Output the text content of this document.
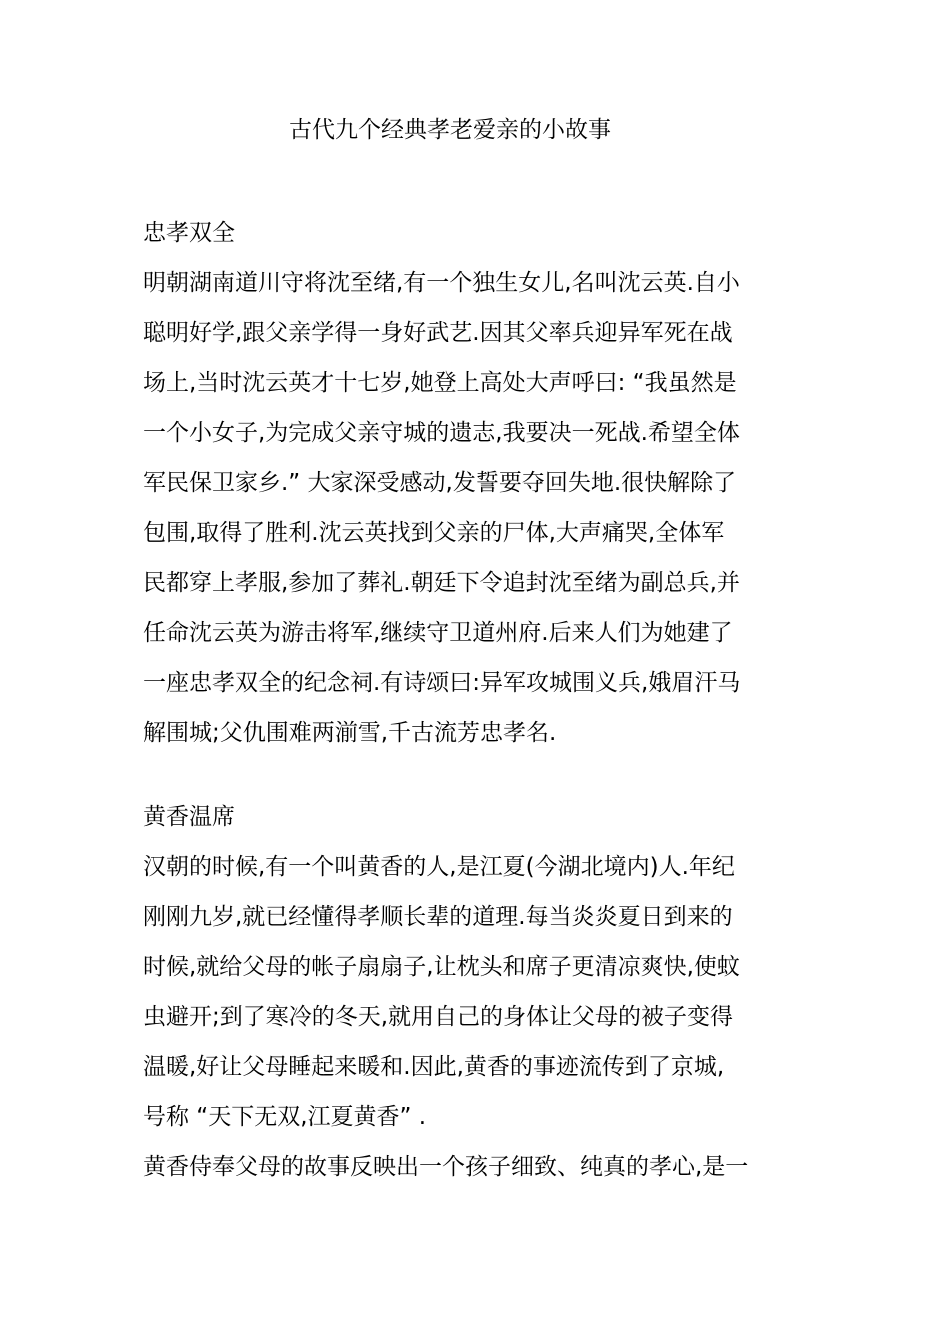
古代九个经典孝老爱亲的小故事
忠孝双全
明朝湖南道川守将沈至绪,有一个独生女儿,名叫沈云英.自小
聪明好学,跟父亲学得一身好武艺.因其父率兵迎异军死在战
场上,当时沈云英才十七岁,她登上高处大声呼曰: “我虽然是
一个小女子,为完成父亲守城的遗志,我要决一死战.希望全体
军民保卫家乡.” 大家深受感动,发誓要夺回失地.很快解除了
包围,取得了胜利.沈云英找到父亲的尸体,大声痛哭,全体军
民都穿上孝服,参加了葬礼.朝廷下令追封沈至绪为副总兵,并
任命沈云英为游击将军,继续守卫道州府.后来人们为她建了
一座忠孝双全的纪念祠.有诗颂曰:异军攻城围义兵,娥眉汗马
解围城;父仇围难两湔雪,千古流芳忠孝名.
黄香温席
汉朝的时候,有一个叫黄香的人,是江夏(今湖北境内)人.年纪
刚刚九岁,就已经懂得孝顺长辈的道理.每当炎炎夏日到来的
时候,就给父母的帐子扇扇子,让枕头和席子更清凉爽快,使蚊
虫避开;到了寒冷的冬天,就用自己的身体让父母的被子变得
温暖,好让父母睡起来暖和.因此,黄香的事迹流传到了京城,
号称 “天下无双,江夏黄香” .
黄香侍奉父母的故事反映出一个孩子细致、纯真的孝心,是一
